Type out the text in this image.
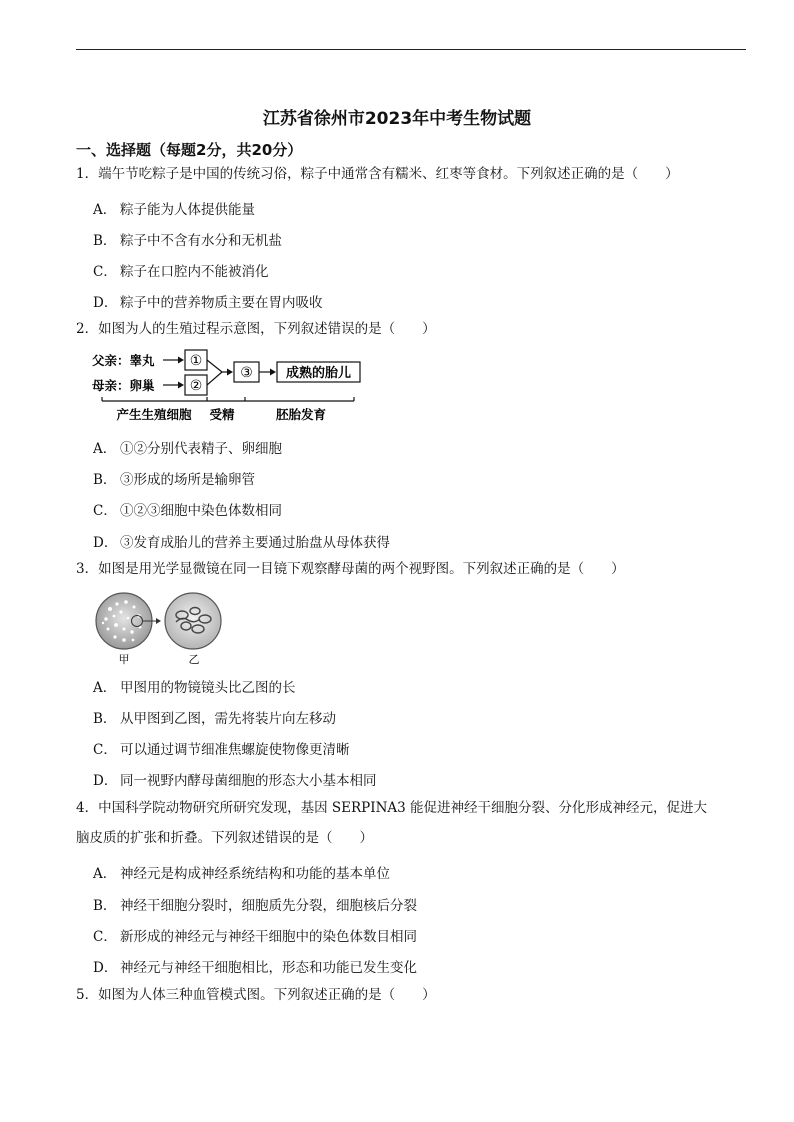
江苏省徐州市2023年中考生物试题
一、选择题（每题2分，共20分）
1．端午节吃粽子是中国的传统习俗，粽子中通常含有糯米、红枣等食材。下列叙述正确的是（　　）
A． 粽子能为人体提供能量
B． 粽子中不含有水分和无机盐
C． 粽子在口腔内不能被消化
D． 粽子中的营养物质主要在胃内吸收
2．如图为人的生殖过程示意图，下列叙述错误的是（　　）
父亲：睾丸
母亲：卵巢
①
②
③	成熟的胎儿
产生生殖细胞 受精	胚胎发育
A． ①②分别代表精子、卵细胞
B． ③形成的场所是输卵管
C． ①②③细胞中染色体数相同
D． ③发育成胎儿的营养主要通过胎盘从母体获得
3．如图是用光学显微镜在同一目镜下观察酵母菌的两个视野图。下列叙述正确的是（　　）
甲	乙
A． 甲图用的物镜镜头比乙图的长
B． 从甲图到乙图，需先将装片向左移动
C． 可以通过调节细准焦螺旋使物像更清晰
D． 同一视野内酵母菌细胞的形态大小基本相同
4．中国科学院动物研究所研究发现，基因 SERPINA3 能促进神经干细胞分裂、分化形成神经元，促进大
脑皮质的扩张和折叠。下列叙述错误的是（　　）
A． 神经元是构成神经系统结构和功能的基本单位
B． 神经干细胞分裂时，细胞质先分裂，细胞核后分裂
C． 新形成的神经元与神经干细胞中的染色体数目相同
D． 神经元与神经干细胞相比，形态和功能已发生变化
5．如图为人体三种血管模式图。下列叙述正确的是（　　）
